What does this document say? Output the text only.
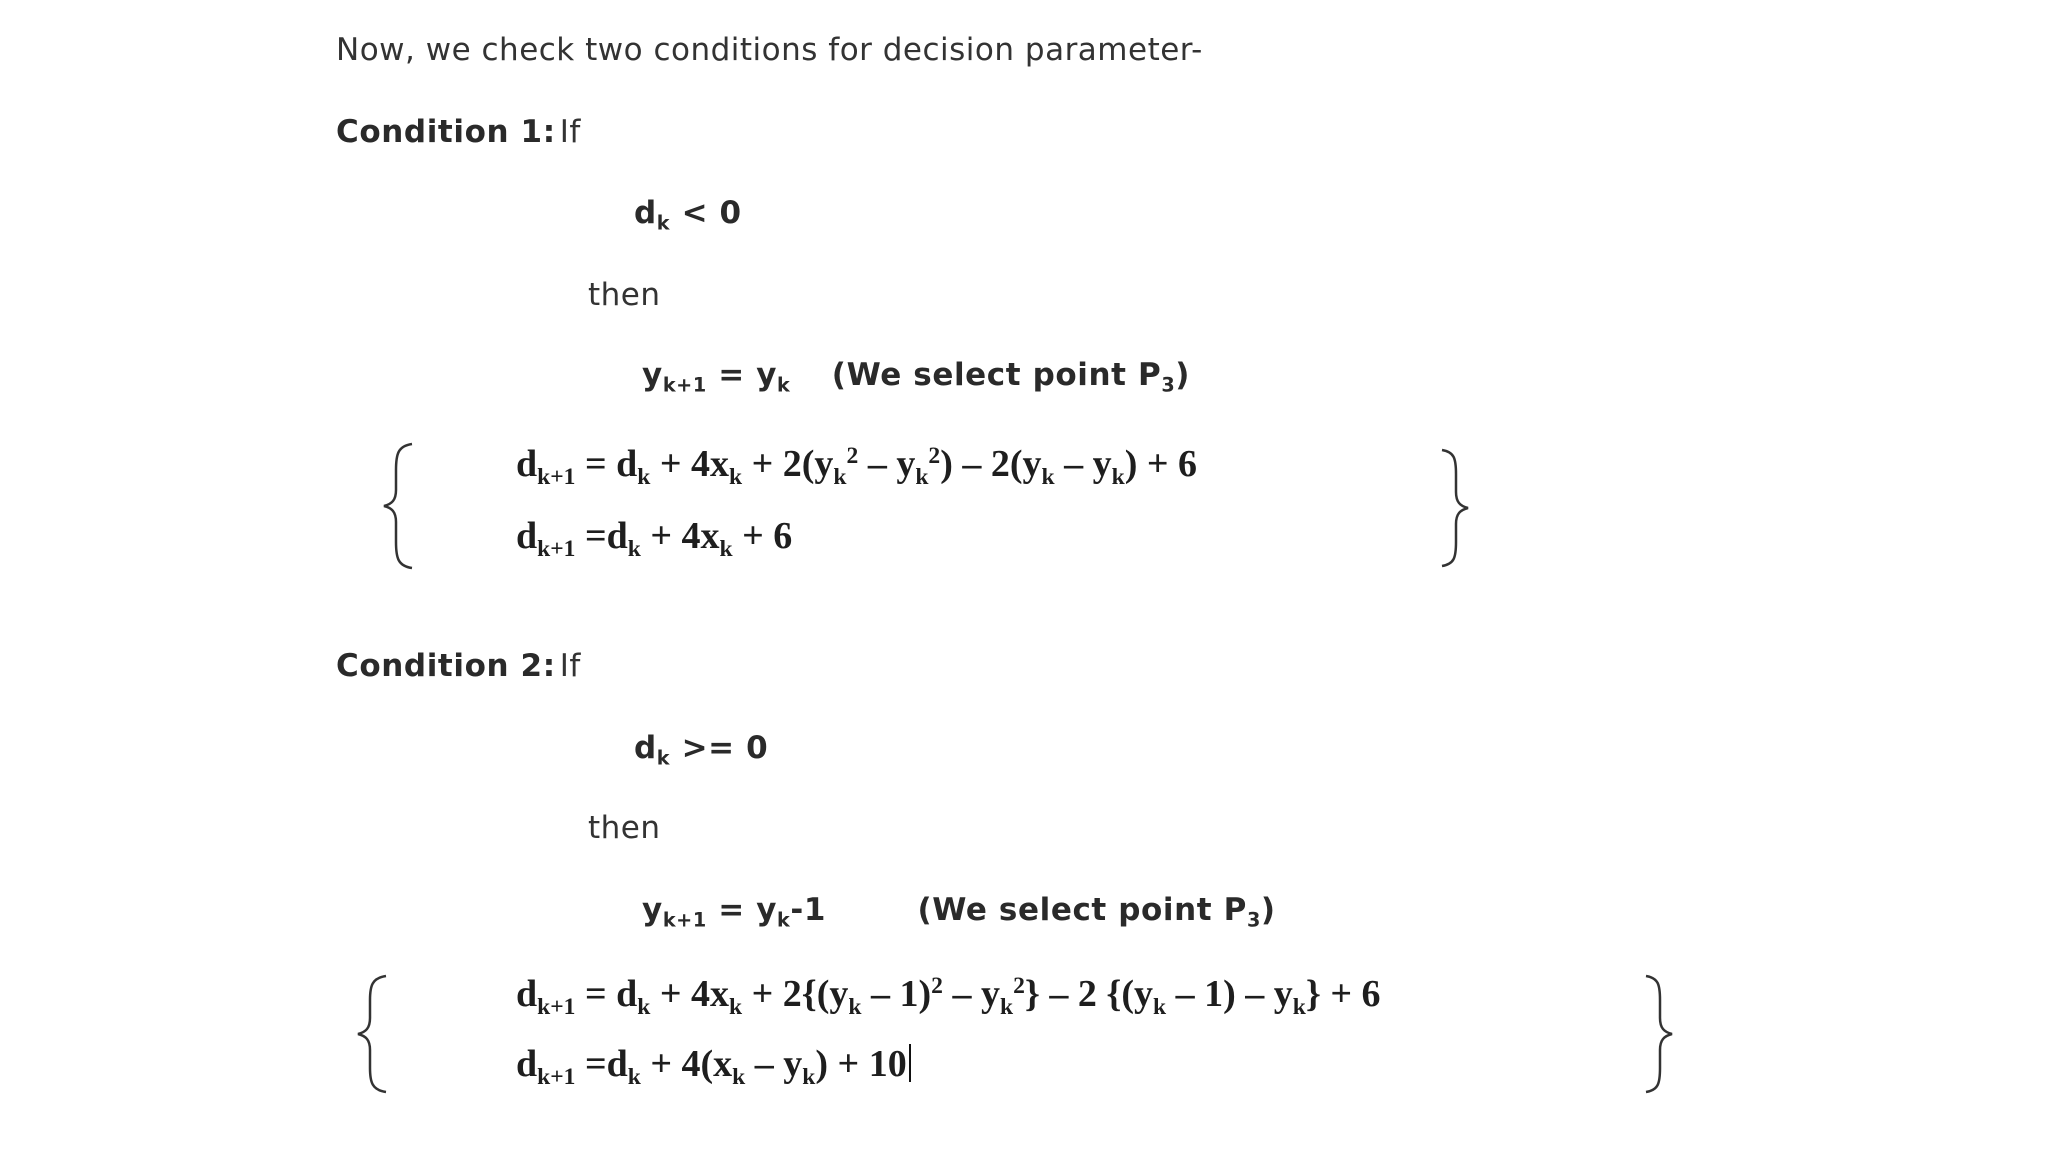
Now, we check two conditions for decision parameter-
Condition 1: If
$d_k < 0$
then
$y_{k+1} = y_k$ (We select point $P_3$)
$d_{k+1} = d_k + 4x_k + 2(y_k^2 - y_k^2) - 2(y_k - y_k) + 6$
$d_{k+1} =d_k + 4x_k + 6$
Condition 2: If
$d_k >= 0$
then
$y_{k+1} = y_k-1$	(We select point $P_3$)
$d_{k+1} = d_k + 4x_k + 2\{(y_k - 1)^2 - y_k^2\} - 2$ $\{(y_k - 1) - y_k\} + 6$
$d_{k+1} =d_k + 4(x_k - y_k) + 10$
